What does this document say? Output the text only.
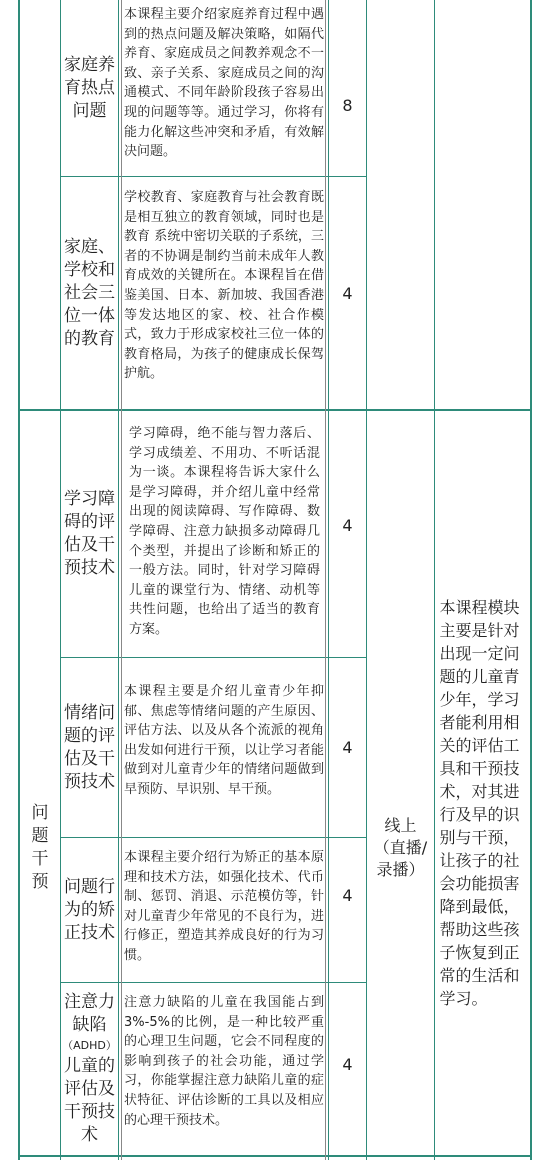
家庭养育热点问题
本课程主要介绍家庭养育过程中遇到的热点问题及解决策略，如隔代养育、家庭成员之间教养观念不一致、亲子关系、家庭成员之间的沟通模式、不同年龄阶段孩子容易出现的问题等等。通过学习，你将有能力化解这些冲突和矛盾，有效解决问题。
8
家庭、学校和社会三位一体的教育
学校教育、家庭教育与社会教育既是相互独立的教育领域，同时也是教育 系统中密切关联的子系统，三者的不协调是制约当前未成年人教育成效的关键所在。本课程旨在借鉴美国、日本、新加坡、我国香港等发达地区的家、校、社合作模式，致力于形成家校社三位一体的教育格局，为孩子的健康成长保驾护航。
4
学习障碍的评估及干预技术
学习障碍，绝不能与智力落后、学习成绩差、不用功、不听话混为一谈。本课程将告诉大家什么是学习障碍，并介绍儿童中经常出现的阅读障碍、写作障碍、数学障碍、注意力缺损多动障碍几个类型，并提出了诊断和矫正的一般方法。同时，针对学习障碍儿童的课堂行为、情绪、动机等共性问题，也给出了适当的教育方案。
4
情绪问题的评估及干预技术
本课程主要是介绍儿童青少年抑郁、焦虑等情绪问题的产生原因、评估方法、以及从各个流派的视角出发如何进行干预，以让学习者能做到对儿童青少年的情绪问题做到早预防、早识别、早干预。
4
问题行为的矫正技术
本课程主要介绍行为矫正的基本原理和技术方法，如强化技术、代币制、惩罚、消退、示范模仿等，针对儿童青少年常见的不良行为，进行修正，塑造其养成良好的行为习惯。
4
注意力缺陷
（ADHD）
儿童的评估及干预技术
注意力缺陷的儿童在我国能占到3%-5%的比例，是一种比较严重的心理卫生问题，它会不同程度的影响到孩子的社会功能，通过学习，你能掌握注意力缺陷儿童的症状特征、评估诊断的工具以及相应的心理干预技术。
4
问题干预
线上
（直播/
录播）
本课程模块主要是针对出现一定问题的儿童青少年，学习者能利用相关的评估工具和干预技术，对其进行及早的识别与干预，让孩子的社会功能损害降到最低，帮助这些孩子恢复到正常的生活和学习。
